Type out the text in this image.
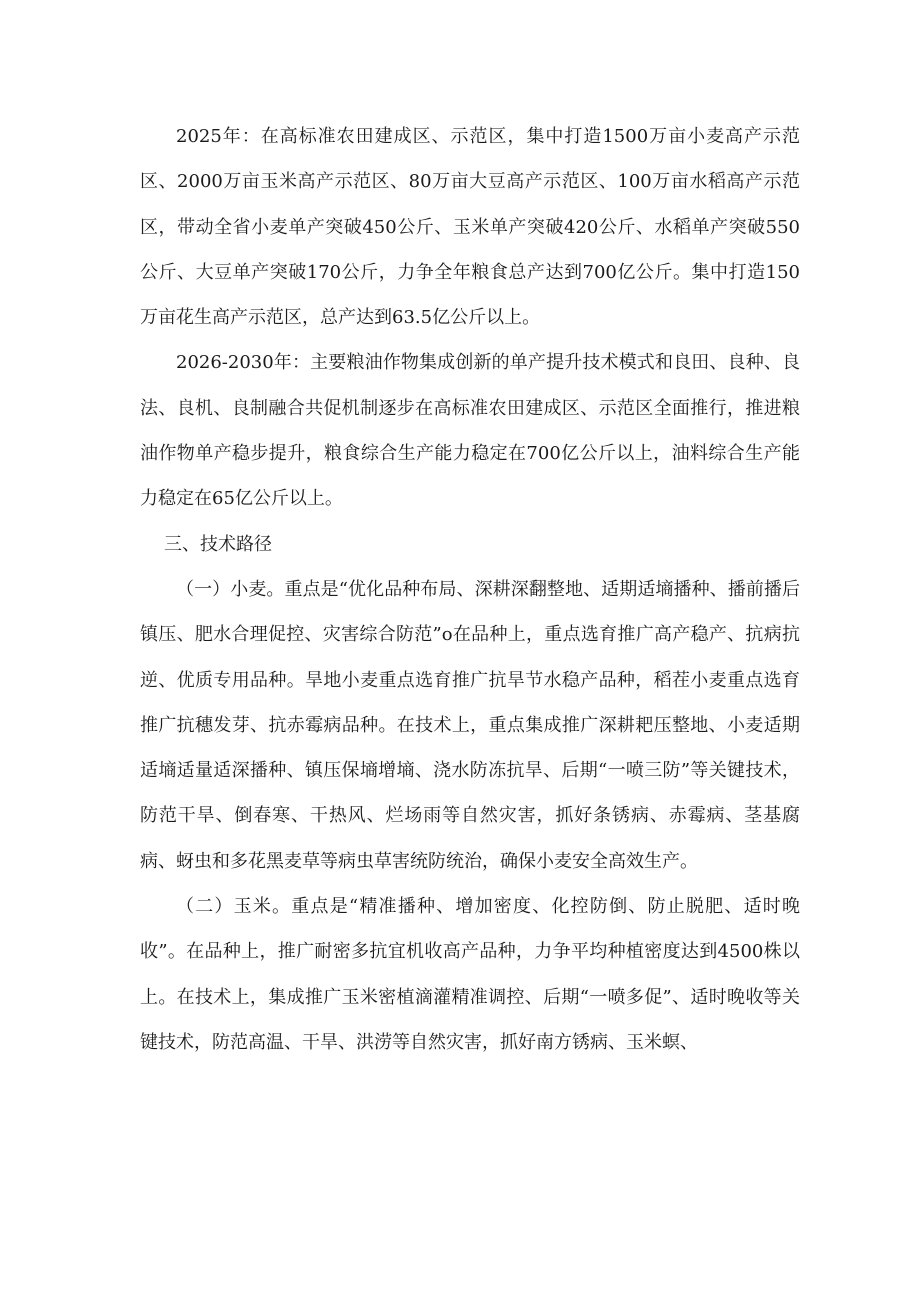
2025年：在高标准农田建成区、示范区，集中打造1500万亩小麦高产示范区、2000万亩玉米高产示范区、80万亩大豆高产示范区、100万亩水稻高产示范区，带动全省小麦单产突破450公斤、玉米单产突破420公斤、水稻单产突破550公斤、大豆单产突破170公斤，力争全年粮食总产达到700亿公斤。集中打造150万亩花生高产示范区，总产达到63.5亿公斤以上。

2026-2030年：主要粮油作物集成创新的单产提升技术模式和良田、良种、良法、良机、良制融合共促机制逐步在高标准农田建成区、示范区全面推行，推进粮油作物单产稳步提升，粮食综合生产能力稳定在700亿公斤以上，油料综合生产能力稳定在65亿公斤以上。

三、技术路径

（一）小麦。重点是“优化品种布局、深耕深翻整地、适期适墒播种、播前播后镇压、肥水合理促控、灾害综合防范”o在品种上，重点选育推广高产稳产、抗病抗逆、优质专用品种。旱地小麦重点选育推广抗旱节水稳产品种，稻茬小麦重点选育推广抗穗发芽、抗赤霉病品种。在技术上，重点集成推广深耕耙压整地、小麦适期适墒适量适深播种、镇压保墒增墒、浇水防冻抗旱、后期“一喷三防”等关键技术，防范干旱、倒春寒、干热风、烂场雨等自然灾害，抓好条锈病、赤霉病、茎基腐病、蚜虫和多花黑麦草等病虫草害统防统治，确保小麦安全高效生产。

（二）玉米。重点是“精准播种、增加密度、化控防倒、防止脱肥、适时晚收”。在品种上，推广耐密多抗宜机收高产品种，力争平均种植密度达到4500株以上。在技术上，集成推广玉米密植滴灌精准调控、后期“一喷多促”、适时晚收等关键技术，防范高温、干旱、洪涝等自然灾害，抓好南方锈病、玉米螟、
